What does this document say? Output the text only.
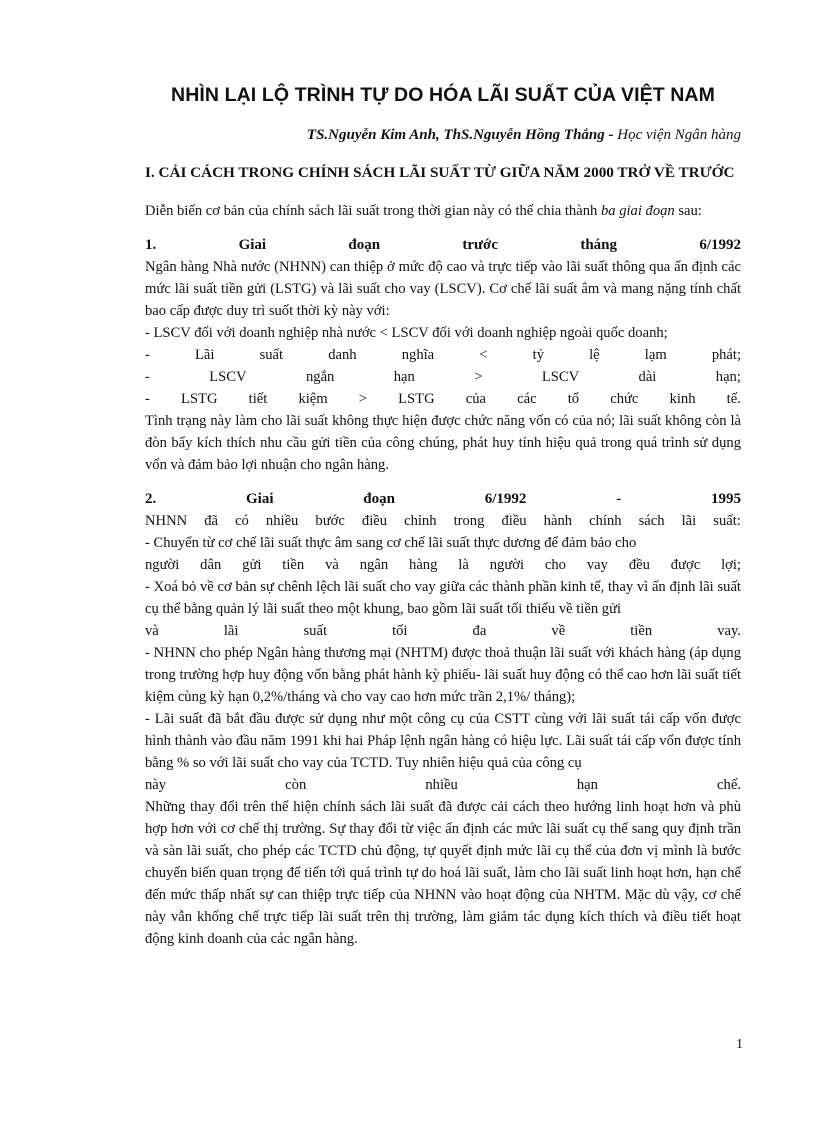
NHÌN LẠI LỘ TRÌNH TỰ DO HÓA LÃI SUẤT CỦA VIỆT NAM
TS.Nguyễn Kim Anh, ThS.Nguyễn Hồng Thắng - Học viện Ngân hàng
I. CẢI CÁCH TRONG CHÍNH SÁCH LÃI SUẤT TỪ GIỮA NĂM 2000 TRỞ VỀ TRƯỚC

Diễn biến cơ bản của chính sách lãi suất trong thời gian này có thể chia thành ba giai đoạn sau:

1.	Giai	đoạn	trước	tháng	6/1992

Ngân hàng Nhà nước (NHNN) can thiệp ở mức độ cao và trực tiếp vào lãi suất thông qua ấn định các mức lãi suất tiền gửi (LSTG) và lãi suất cho vay (LSCV). Cơ chế lãi suất âm và mang nặng tính chất bao cấp được duy trì suốt thời kỳ này với:

- LSCV đối với doanh nghiệp nhà nước < LSCV đối với doanh nghiệp ngoài quốc doanh;

-	Lãi	suất	danh	nghĩa	<	tỷ	lệ	lạm	phát;
-	LSCV	ngắn	hạn	>	LSCV	dài	hạn;
- LSTG tiết kiệm > LSTG của các tổ chức kinh tế.

Tình trạng này làm cho lãi suất không thực hiện được chức năng vốn có của nó; lãi suất không còn là đòn bẩy kích thích nhu cầu gửi tiền của công chúng, phát huy tính hiệu quả trong quá trình sử dụng vốn và đảm bảo lợi nhuận cho ngân hàng.

2.	Giai	đoạn	6/1992	-	1995
NHNN đã có nhiều bước điều chỉnh trong điều hành chính sách lãi suất:

- Chuyển từ cơ chế lãi suất thực âm sang cơ chế lãi suất thực dương để đảm bảo cho

người dân gửi tiền và ngân hàng là người cho vay đều được lợi;

- Xoá bỏ về cơ bản sự chênh lệch lãi suất cho vay giữa các thành phần kinh tế, thay vì ấn định lãi suất cụ thể bằng quản lý lãi suất theo một khung, bao gồm lãi suất tối thiểu về tiền gửi

và	lãi	suất	tối	đa	về	tiền	vay.

- NHNN cho phép Ngân hàng thương mại (NHTM) được thoả thuận lãi suất với khách hàng (áp dụng trong trường hợp huy động vốn bằng phát hành kỳ phiếu- lãi suất huy động có thể cao hơn lãi suất tiết kiệm cùng kỳ hạn 0,2%/tháng và cho vay cao hơn mức trần 2,1%/ tháng);

- Lãi suất đã bắt đầu được sử dụng như một công cụ của CSTT cùng với lãi suất tái cấp vốn được hình thành vào đầu năm 1991 khi hai Pháp lệnh ngân hàng có hiệu lực. Lãi suất tái cấp vốn được tính bằng % so với lãi suất cho vay của TCTD. Tuy nhiên hiệu quả của công cụ

này	còn	nhiều	hạn	chế.

Những thay đổi trên thể hiện chính sách lãi suất đã được cải cách theo hướng linh hoạt hơn và phù hợp hơn với cơ chế thị trường. Sự thay đổi từ việc ấn định các mức lãi suất cụ thể sang quy định trần và sàn lãi suất, cho phép các TCTD chủ động, tự quyết định mức lãi cụ thể của đơn vị mình là bước chuyển biến quan trọng để tiến tới quá trình tự do hoá lãi suất, làm cho lãi suất linh hoạt hơn, hạn chế đến mức thấp nhất sự can thiệp trực tiếp của NHNN vào hoạt động của NHTM. Mặc dù vậy, cơ chế này vẫn khống chế trực tiếp lãi suất trên thị trường, làm giảm tác dụng kích thích và điều tiết hoạt động kinh doanh của các ngân hàng.

1
